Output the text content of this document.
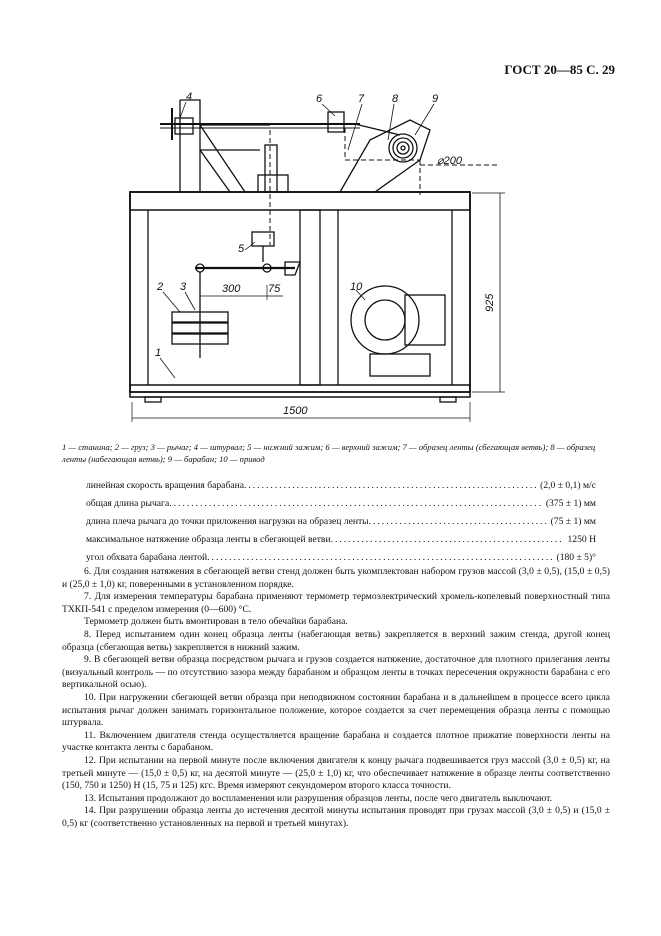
ГОСТ 20—85 С. 29
4	6	7	8	9
5
2 3
1
10
300	75
1500
⌀200
925
1 — станина; 2 — груз; 3 — рычаг; 4 — штурвал; 5 — нижний зажим; 6 — верхний зажим; 7 — образец ленты (сбегающая ветвь); 8 — образец ленты (набегающая ветвь); 9 — барабан; 10 — привод
линейная скорость вращения барабана .....	(2,0 ± 0,1) м/с
общая длина рычага .....	(375 ± 1) мм
длина плеча рычага до точки приложения нагрузки на образец ленты .....	(75 ± 1) мм
максимальное натяжение образца ленты в сбегающей ветви .....	1250 Н
угол обхвата барабана лентой .....	(180 ± 5)°

6. Для создания натяжения в сбегающей ветви стенд должен быть укомплектован набором грузов массой (3,0 ± 0,5), (15,0 ± 0,5) и (25,0 ± 1,0) кг, поверенными в установленном порядке.

7. Для измерения температуры барабана применяют термометр термоэлектрический хромель-копелевый поверхностный типа ТХКП-541 с пределом измерения (0—600) °С.

Термометр должен быть вмонтирован в тело обечайки барабана.

8. Перед испытанием один конец образца ленты (набегающая ветвь) закрепляется в верхний зажим стенда, другой конец образца (сбегающая ветвь) закрепляется в нижний зажим.

9. В сбегающей ветви образца посредством рычага и грузов создается натяжение, достаточное для плотного прилегания ленты (визуальный контроль — по отсутствию зазора между барабаном и образцом ленты в точках пересечения окружности барабана с его вертикальной осью).

10. При нагружении сбегающей ветви образца при неподвижном состоянии барабана и в дальнейшем в процессе всего цикла испытания рычаг должен занимать горизонтальное положение, которое создается за счет перемещения образца ленты с помощью штурвала.

11. Включением двигателя стенда осуществляется вращение барабана и создается плотное прижатие поверхности ленты на участке контакта ленты с барабаном.

12. При испытании на первой минуте после включения двигателя к концу рычага подвешивается груз массой (3,0 ± 0,5) кг, на третьей минуте — (15,0 ± 0,5) кг, на десятой минуте — (25,0 ± 1,0) кг, что обеспечивает натяжение в образце ленты соответственно (150, 750 и 1250) Н (15, 75 и 125) кгс. Время измеряют секундомером второго класса точности.

13. Испытания продолжают до воспламенения или разрушения образцов ленты, после чего двигатель выключают.

14. При разрушении образца ленты до истечения десятой минуты испытания проводят при грузах массой (3,0 ± 0,5) и (15,0 ± 0,5) кг (соответственно установленных на первой и третьей минутах).
